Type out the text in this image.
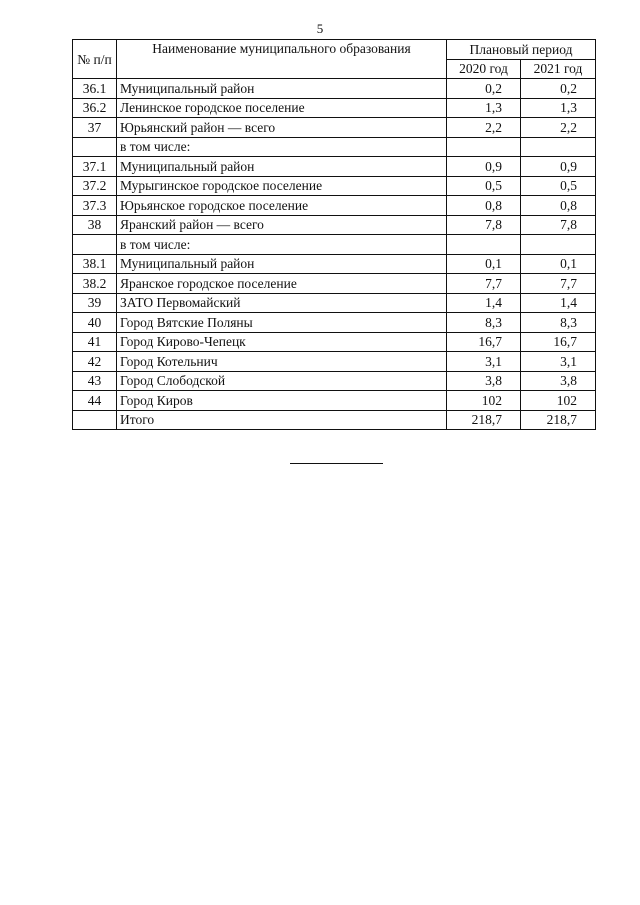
5
№ п/п	Наименование муниципального образования	Плановый период	
		2020 год	2021 год
36.1	Муниципальный район	0,2	0,2
36.2	Ленинское городское поселение	1,3	1,3
37	Юрьянский район — всего	2,2	2,2
	в том числе:		
37.1	Муниципальный район	0,9	0,9
37.2	Мурыгинское городское поселение	0,5	0,5
37.3	Юрьянское городское поселение	0,8	0,8
38	Яранский район — всего	7,8	7,8
	в том числе:		
38.1	Муниципальный район	0,1	0,1
38.2	Яранское городское поселение	7,7	7,7
39	ЗАТО Первомайский	1,4	1,4
40	Город Вятские Поляны	8,3	8,3
41	Город Кирово-Чепецк	16,7	16,7
42	Город Котельнич	3,1	3,1
43	Город Слободской	3,8	3,8
44	Город Киров	102	102
	Итого	218,7	218,7
